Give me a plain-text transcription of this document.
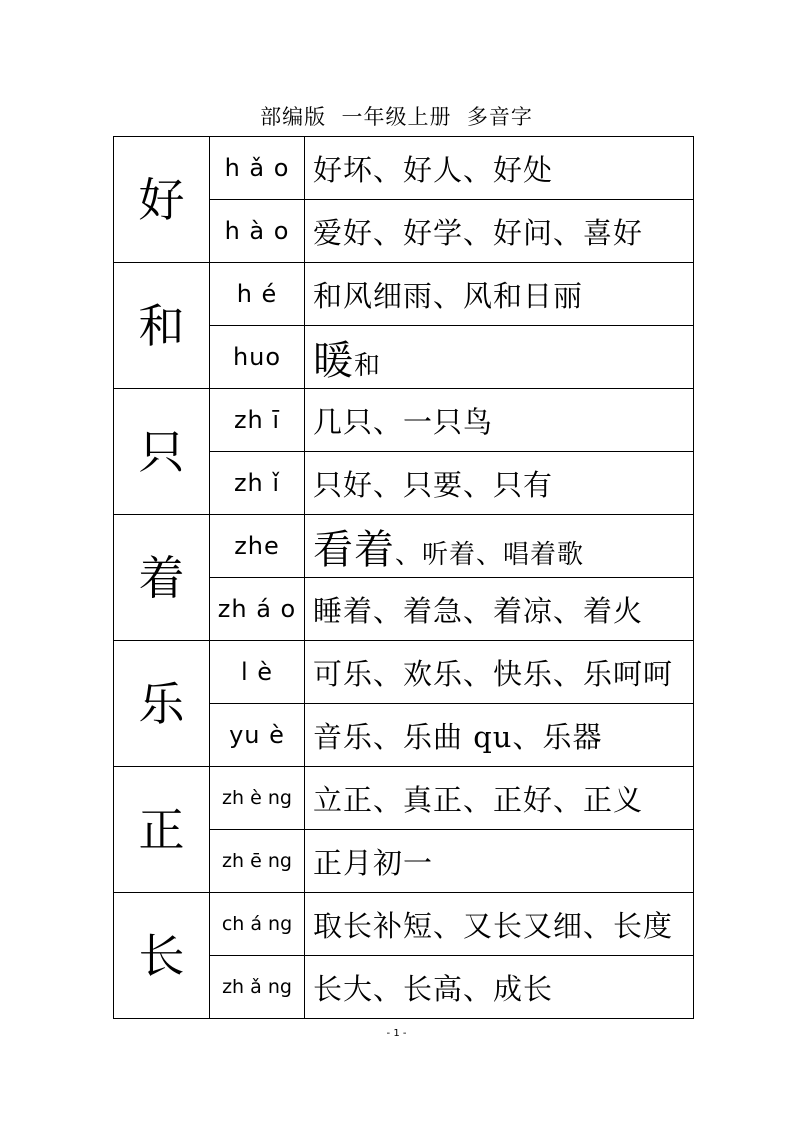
部编版  一年级上册  多音字
好	h ǎ o	好坏、好人、好处
	h à o	爱好、好学、好问、喜好
和	h é	和风细雨、风和日丽
	huo	暖和
只	zh ī	几只、一只鸟
	zh ǐ	只好、只要、只有
着	zhe	看着、听着、唱着歌
	zh á o	睡着、着急、着凉、着火
乐	l è	可乐、欢乐、快乐、乐呵呵
	yu è	音乐、乐曲 qu、乐器
正	zh è ng	立正、真正、正好、正义
	zh ē ng	正月初一
长	ch á ng	取长补短、又长又细、长度
	zh ǎ ng	长大、长高、成长
- 1 -
